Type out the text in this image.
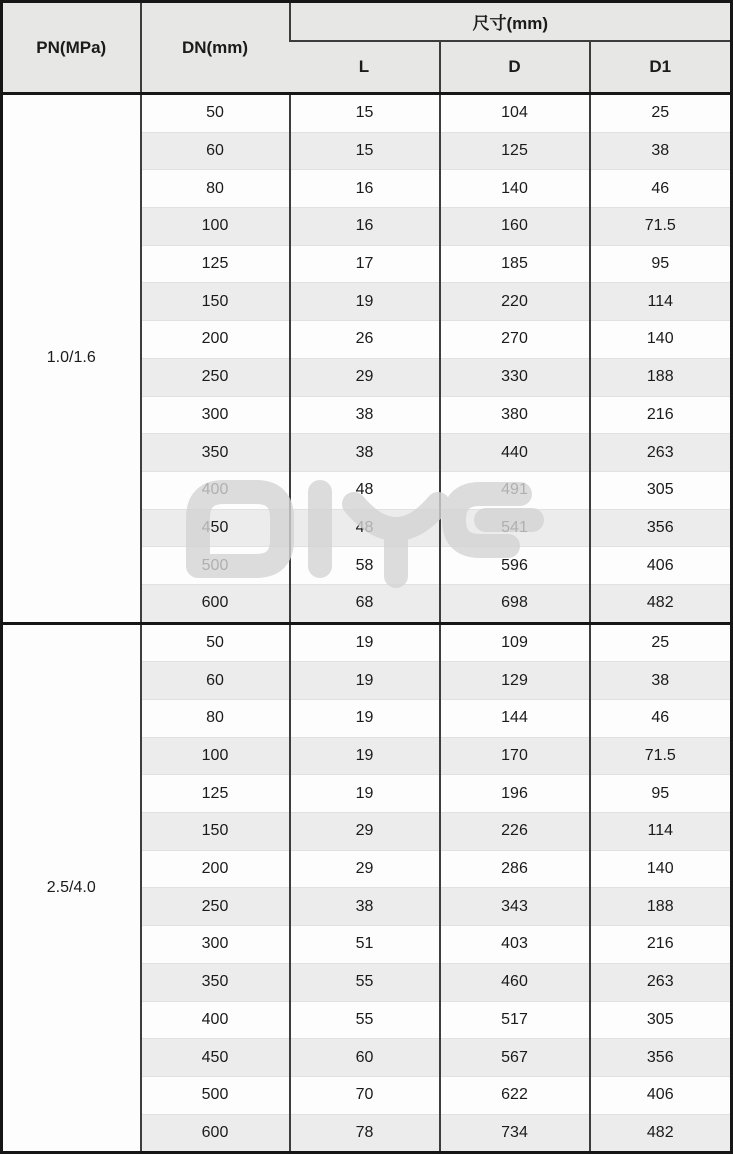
PN(MPa)	DN(mm)	尺寸(mm)		
		L	D	D1
1.0/1.6	50	15	104	25
	60	15	125	38
	80	16	140	46
	100	16	160	71.5
	125	17	185	95
	150	19	220	114
	200	26	270	140
	250	29	330	188
	300	38	380	216
	350	38	440	263
	400	48	491	305
	450	48	541	356
	500	58	596	406
	600	68	698	482
2.5/4.0	50	19	109	25
	60	19	129	38
	80	19	144	46
	100	19	170	71.5
	125	19	196	95
	150	29	226	114
	200	29	286	140
	250	38	343	188
	300	51	403	216
	350	55	460	263
	400	55	517	305
	450	60	567	356
	500	70	622	406
	600	78	734	482
